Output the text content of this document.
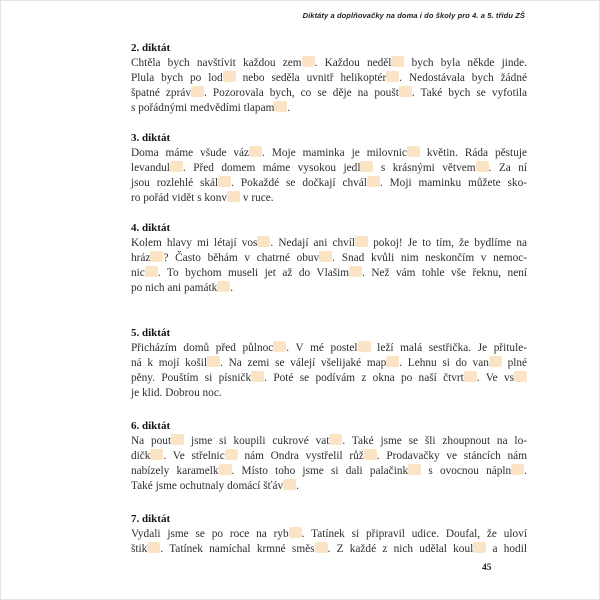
Diktáty a doplňovačky na doma i do školy pro 4. a 5. třídu ZŠ
2. diktát
Chtěla bych navštívit každou zem . Každou neděl bych byla někde jinde.
Plula bych po lod nebo seděla uvnitř helikoptér . Nedostávala bych žádné
špatné zpráv . Pozorovala bych, co se děje na poušt . Také bych se vyfotila
s pořádnými medvědími tlapam .
3. diktát
Doma máme všude váz . Moje maminka je milovnic květin. Ráda pěstuje
levandul . Před domem máme vysokou jedl s krásnými větvem . Za ní
jsou rozlehlé skál . Pokaždé se dočkají chvál . Moji maminku můžete sko-
ro pořád vidět s konv v ruce.
4. diktát
Kolem hlavy mi létají vos . Nedají ani chvíl pokoj! Je to tím, že bydlíme na
hráz ? Často běhám v chatrné obuv . Snad kvůli nim neskončím v nemoc-
nic . To bychom museli jet až do Vlašim . Než vám tohle vše řeknu, není
po nich ani památk .
5. diktát
Přicházím domů před půlnoc . V mé postel leží malá sestřička. Je přitule-
ná k mojí košil . Na zemi se válejí všelijaké map . Lehnu si do van plné
pěny. Pouštím si písničk . Poté se podívám z okna po naší čtvrt . Ve vs
je klid. Dobrou noc.
6. diktát
Na pout jsme si koupili cukrové vat . Také jsme se šli zhoupnout na lo-
dičk . Ve střelnic nám Ondra vystřelil růž . Prodavačky ve stáncích nám
nabízely karamelk . Místo toho jsme si dali palačink s ovocnou nápln .
Také jsme ochutnaly domácí šťáv .
7. diktát
Vydali jsme se po roce na ryb . Tatínek si připravil udice. Doufal, že uloví
štik . Tatínek namíchal krmné směs . Z každé z nich udělal koul a hodil
45
